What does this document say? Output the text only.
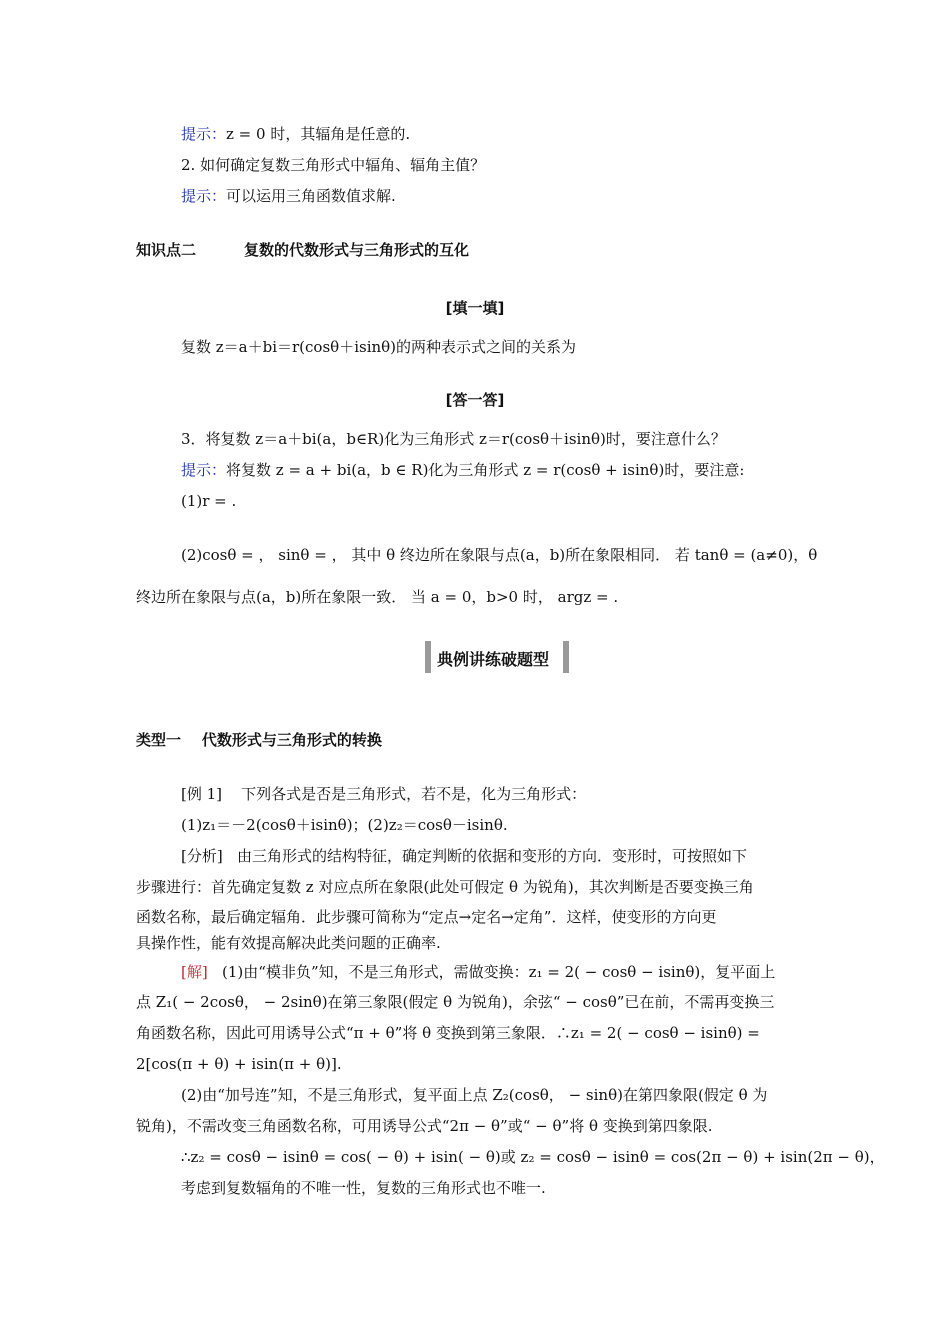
提示：z = 0 时，其辐角是任意的.
2. 如何确定复数三角形式中辐角、辐角主值？
提示：可以运用三角函数值求解.
知识点二	复数的代数形式与三角形式的互化
[填一填]
复数 z＝a＋bi＝r(cosθ＋isinθ)的两种表示式之间的关系为
[答一答]
3．将复数 z＝a＋bi(a，b∈R)化为三角形式 z＝r(cosθ＋isinθ)时，要注意什么？
提示：将复数 z = a + bi(a，b ∈ R)化为三角形式 z = r(cosθ + isinθ)时，要注意:
(1)r = .
(2)cosθ = ， sinθ = ， 其中 θ 终边所在象限与点(a，b)所在象限相同． 若 tanθ = (a≠0)，θ
终边所在象限与点(a，b)所在象限一致． 当 a = 0，b>0 时， argz = .
典例讲练破题型
类型一 代数形式与三角形式的转换
[例 1] 下列各式是否是三角形式，若不是，化为三角形式：
(1)z₁＝－2(cosθ＋isinθ)；(2)z₂＝cosθ－isinθ.
[分析] 由三角形式的结构特征，确定判断的依据和变形的方向．变形时，可按照如下
步骤进行：首先确定复数 z 对应点所在象限(此处可假定 θ 为锐角)，其次判断是否要变换三角
函数名称，最后确定辐角．此步骤可简称为“定点→定名→定角”．这样，使变形的方向更
具操作性，能有效提高解决此类问题的正确率.
[解] (1)由“模非负”知，不是三角形式，需做变换：z₁ = 2( − cosθ − isinθ)，复平面上
点 Z₁( − 2cosθ， − 2sinθ)在第三象限(假定 θ 为锐角)，余弦“ − cosθ”已在前，不需再变换三
角函数名称，因此可用诱导公式“π + θ”将 θ 变换到第三象限．∴z₁ = 2( − cosθ − isinθ) =
2[cos(π + θ) + isin(π + θ)].
(2)由“加号连”知，不是三角形式，复平面上点 Z₂(cosθ， − sinθ)在第四象限(假定 θ 为
锐角)，不需改变三角函数名称，可用诱导公式“2π − θ”或“ − θ”将 θ 变换到第四象限.
∴z₂ = cosθ − isinθ = cos( − θ) + isin( − θ)或 z₂ = cosθ − isinθ = cos(2π − θ) + isin(2π − θ)，
考虑到复数辐角的不唯一性，复数的三角形式也不唯一.
